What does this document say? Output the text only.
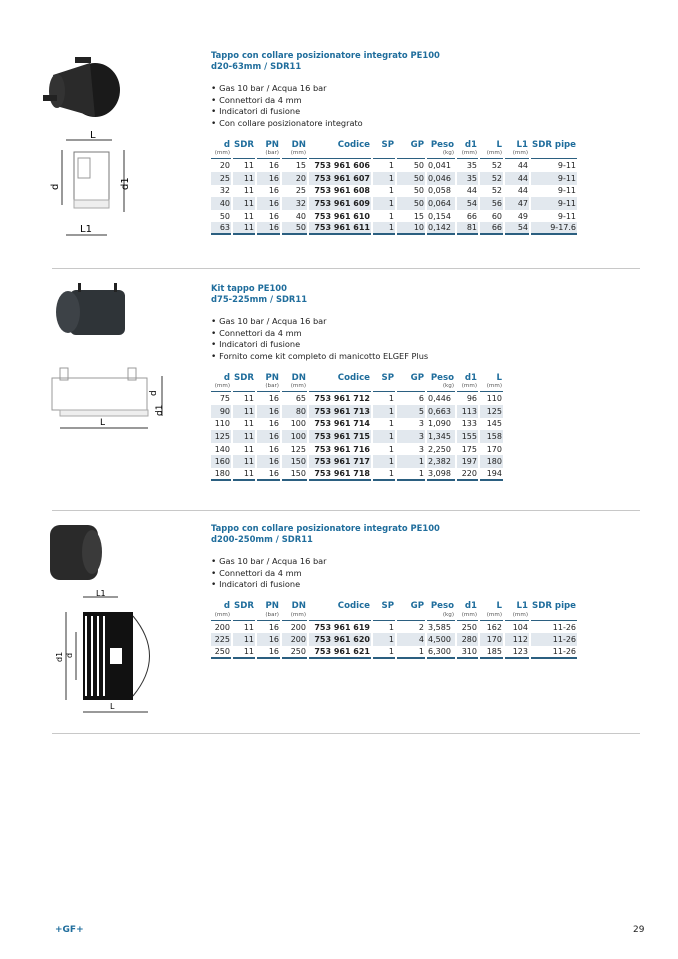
Tappo con collare posizionatore integrato PE100
d20-63mm / SDR11
• Gas 10 bar / Acqua 16 bar
• Connettori da 4 mm
• Indicatori di fusione
• Con collare posizionatore integrato
d	SDR	PN	DN	Codice	SP	GP	Peso	d1	L	L1	SDR pipe
(mm)		(bar)	(mm)				(kg)	(mm)	(mm)	(mm)	
20	11	16	15	753 961 606	1	50	0,041	35	52	44	9-11
25	11	16	20	753 961 607	1	50	0,046	35	52	44	9-11
32	11	16	25	753 961 608	1	50	0,058	44	52	44	9-11
40	11	16	32	753 961 609	1	50	0,064	54	56	47	9-11
50	11	16	40	753 961 610	1	15	0,154	66	60	49	9-11
63	11	16	50	753 961 611	1	10	0,142	81	66	54	9-17.6
Kit tappo PE100
d75-225mm / SDR11
• Gas 10 bar / Acqua 16 bar
• Connettori da 4 mm
• Indicatori di fusione
• Fornito come kit completo di manicotto ELGEF Plus
d	SDR	PN	DN	Codice	SP	GP	Peso	d1	L
(mm)		(bar)	(mm)				(kg)	(mm)	(mm)
75	11	16	65	753 961 712	1	6	0,446	96	110
90	11	16	80	753 961 713	1	5	0,663	113	125
110	11	16	100	753 961 714	1	3	1,090	133	145
125	11	16	100	753 961 715	1	3	1,345	155	158
140	11	16	125	753 961 716	1	3	2,250	175	170
160	11	16	150	753 961 717	1	1	2,382	197	180
180	11	16	150	753 961 718	1	1	3,098	220	194
Tappo con collare posizionatore integrato PE100
d200-250mm / SDR11
• Gas 10 bar / Acqua 16 bar
• Connettori da 4 mm
• Indicatori di fusione
d	SDR	PN	DN	Codice	SP	GP	Peso	d1	L	L1	SDR pipe
(mm)		(bar)	(mm)				(kg)	(mm)	(mm)	(mm)	
200	11	16	200	753 961 619	1	2	3,585	250	162	104	11-26
225	11	16	200	753 961 620	1	4	4,500	280	170	112	11-26
250	11	16	250	753 961 621	1	1	6,300	310	185	123	11-26
L
d	d1
L1
L
d
d1
L1
d1 d
L
+GF+	29
